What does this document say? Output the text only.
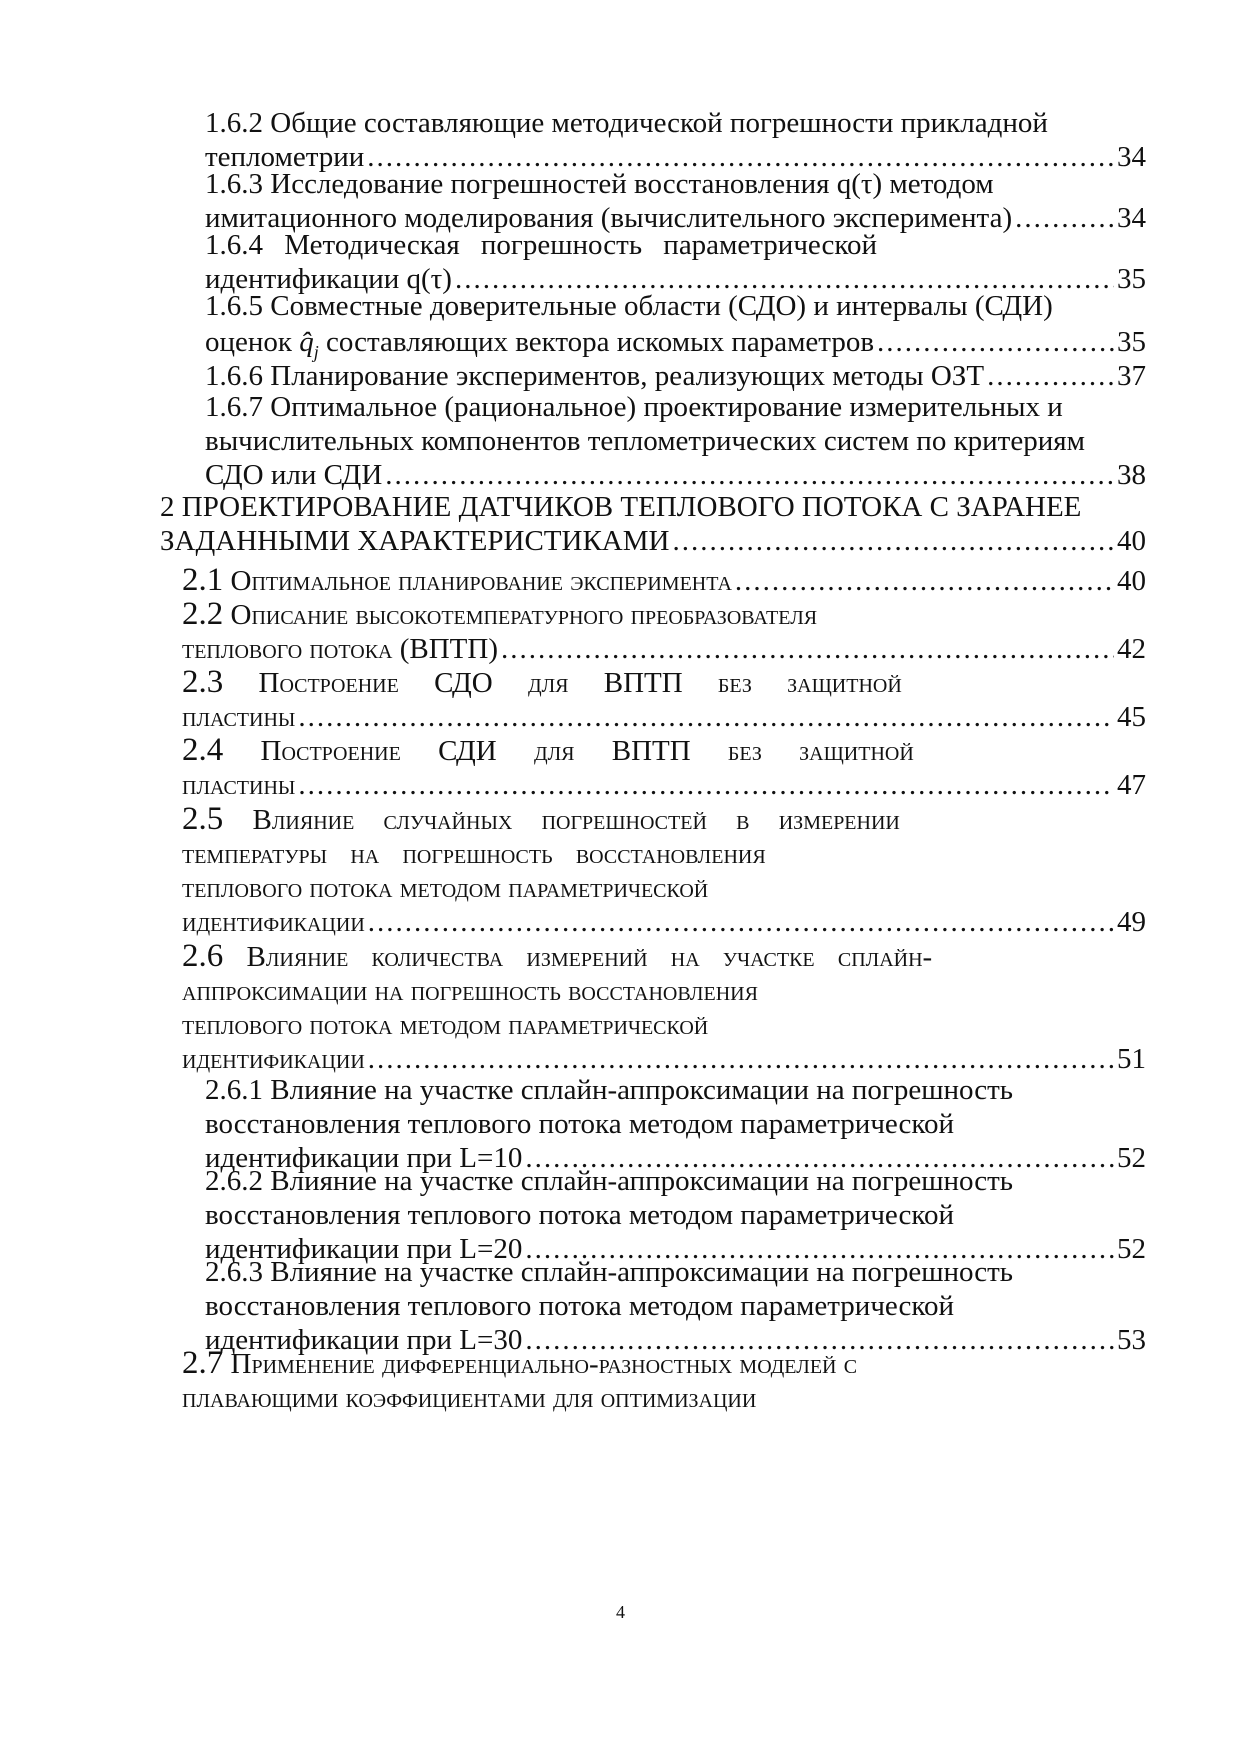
1.6.2 Общие составляющие методической погрешности прикладной
теплометрии .....	34
1.6.3 Исследование погрешностей восстановления q(τ) методом
имитационного моделирования (вычислительного эксперимента) .....	34
1.6.4 Методическая погрешность параметрической
идентификации q(τ) .....	35
1.6.5 Совместные доверительные области (СДО) и интервалы (СДИ)
оценок $q̂_j$ составляющих вектора искомых параметров .....	35
1.6.6 Планирование экспериментов, реализующих методы ОЗТ .....	37
1.6.7 Оптимальное (рациональное) проектирование измерительных и
вычислительных компонентов теплометрических систем по критериям
СДО или СДИ .....	38
2 ПРОЕКТИРОВАНИЕ ДАТЧИКОВ ТЕПЛОВОГО ПОТОКА С ЗАРАНЕЕ
ЗАДАННЫМИ ХАРАКТЕРИСТИКАМИ .....	40
2.1 Оптимальное планирование эксперимента .....	40
2.2 Описание высокотемпературного преобразователя
теплового потока (ВПТП) .....	42
2.3 Построение СДО для ВПТП без защитной
пластины .....	45
2.4 Построение СДИ для ВПТП без защитной
пластины .....	47
2.5 Влияние случайных погрешностей в измерении
температуры на погрешность восстановления
теплового потока методом параметрической
идентификации .....	49
2.6 Влияние количества измерений на участке сплайн-
аппроксимации на погрешность восстановления
теплового потока методом параметрической
идентификации .....	51
2.6.1 Влияние на участке сплайн-аппроксимации на погрешность
восстановления теплового потока методом параметрической
идентификации при L=10 .....	52
2.6.2 Влияние на участке сплайн-аппроксимации на погрешность
восстановления теплового потока методом параметрической
идентификации при L=20 .....	52
2.6.3 Влияние на участке сплайн-аппроксимации на погрешность
восстановления теплового потока методом параметрической
идентификации при L=30 .....	53
2.7 Применение дифференциально-разностных моделей с
плавающими коэффициентами для оптимизации
4
